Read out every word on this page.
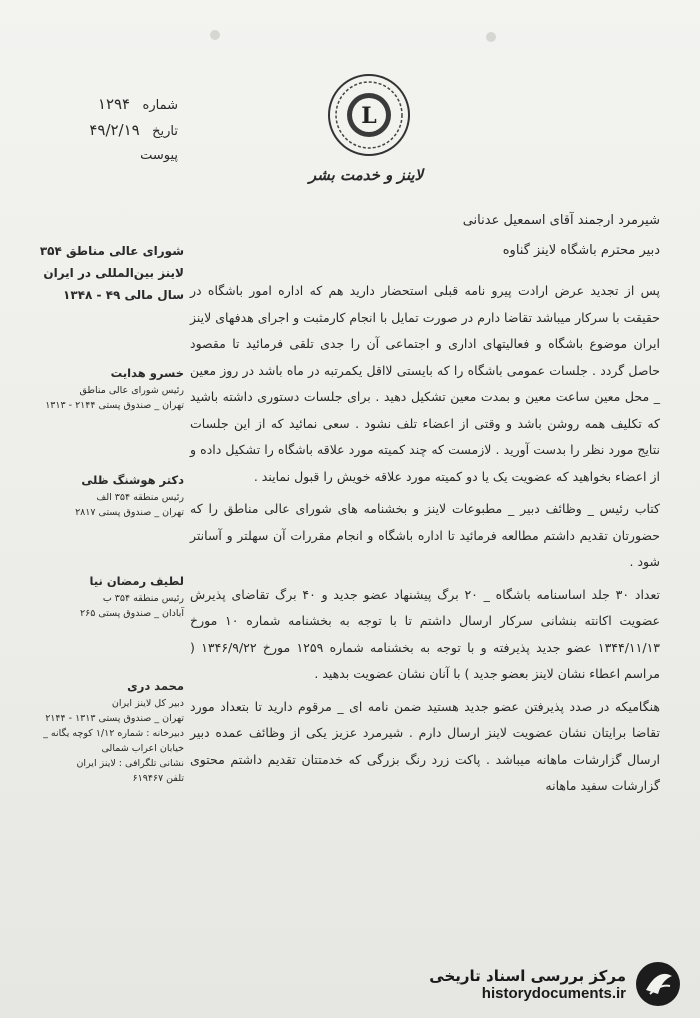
شماره   ۱۲۹۴
تاریخ   ۴۹/۲/۱۹
پیوست
L
لاینز و خدمت بشر
شورای عالی مناطق ۳۵۴
لاینز بین‌المللی در ایران
سال مالی ۴۹ - ۱۳۴۸
خسرو هدایت
رئیس شورای عالی مناطق
تهران _ صندوق پستی ۲۱۴۴ - ۱۳۱۳
دکتر هوشنگ ظلی
رئیس منطقه ۳۵۴ الف
تهران _ صندوق پستی ۲۸۱۷
لطیف رمضان نیا
رئیس منطقه ۳۵۴ ب
آبادان _ صندوق پستی ۲۶۵
محمد دری
دبیر کل لاینز ایران
تهران _ صندوق پستی ۱۳۱۳ - ۲۱۴۴
دبیرخانه : شماره ۱/۱۲ کوچه یگانه _
خیابان اعراب شمالی
نشانی تلگرافی : لاینز ایران
تلفن ۶۱۹۴۶۷
شیرمرد ارجمند آقای اسمعیل عدنانی
دبیر محترم باشگاه لاینز گناوه

پس از تجدید عرض ارادت پیرو نامه قبلی استحضار دارید هم که اداره امور باشگاه در حقیقت با سرکار میباشد تقاضا دارم در صورت تمایل با انجام کارمثبت و اجرای هدفهای لاینز ایران موضوع باشگاه و فعالیتهای اداری و اجتماعی آن را جدی تلقی فرمائید تا مقصود حاصل گردد . جلسات عمومی باشگاه را که بایستی لااقل یکمرتبه در ماه باشد در روز معین _ محل معین ساعت معین و بمدت معین تشکیل دهید . برای جلسات دستوری داشته باشید که تکلیف همه روشن باشد و وقتی از اعضاء تلف نشود . سعی نمائید که از این جلسات نتایج مورد نظر را بدست آورید . لازمست که چند کمیته مورد علاقه باشگاه را تشکیل داده و از اعضاء بخواهید که عضویت یک یا دو کمیته مورد علاقه خویش را قبول نمایند .

کتاب رئیس _ وظائف دبیر _ مطبوعات لاینز و بخشنامه های شورای عالی مناطق را که حضورتان تقدیم داشتم مطالعه فرمائید تا اداره باشگاه و انجام مقررات آن سهلتر و آسانتر شود .

تعداد ۳۰ جلد اساسنامه باشگاه _ ۲۰ برگ پیشنهاد عضو جدید و ۴۰ برگ تقاضای پذیرش عضویت اکانته بنشانی سرکار ارسال داشتم تا با توجه به بخشنامه شماره ۱۰ مورخ ۱۳۴۴/۱۱/۱۳ عضو جدید پذیرفته و با توجه به بخشنامه شماره ۱۲۵۹ مورخ ۱۳۴۶/۹/۲۲ ( مراسم اعطاء نشان لاینز بعضو جدید ) با آنان نشان عضویت بدهید .

هنگامیکه در صدد پذیرفتن عضو جدید هستید ضمن نامه ای _ مرقوم دارید تا بتعداد مورد تقاضا برایتان نشان عضویت لاینز ارسال دارم . شیرمرد عزیز یکی از وظائف عمده دبیر ارسال گزارشات ماهانه میباشد . پاکت زرد رنگ بزرگی که خدمتتان تقدیم داشتم محتوی گزارشات سفید ماهانه

مرکز بررسی اسناد تاریخی
historydocuments.ir
